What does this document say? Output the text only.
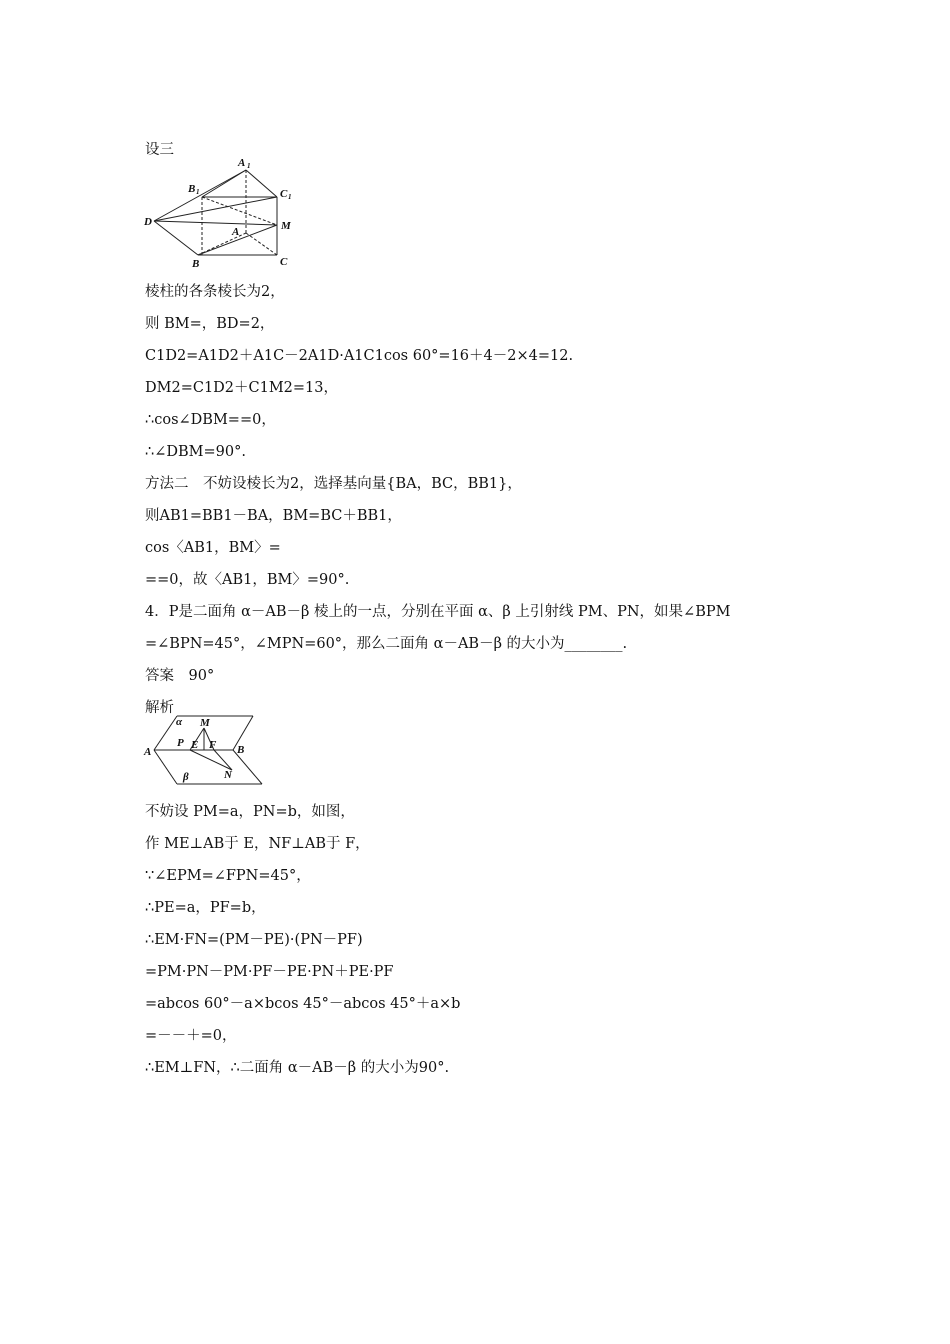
设三
棱柱的各条棱长为2，
则 BM=，BD=2，
C1D2=A1D2＋A1C－2A1D·A1C1cos 60°=16＋4－2×4=12.
DM2=C1D2＋C1M2=13，
∴cos∠DBM==0，
∴∠DBM=90°.
方法二　不妨设棱长为2，选择基向量{BA，BC，BB1}，
则AB1=BB1－BA，BM=BC＋BB1，
cos〈AB1，BM〉=
==0，故〈AB1，BM〉=90°.
4．P是二面角 α－AB－β 棱上的一点，分别在平面 α、β 上引射线 PM、PN，如果∠BPM
=∠BPN=45°，∠MPN=60°，那么二面角 α－AB－β 的大小为________.
答案　90°
解析
不妨设 PM=a，PN=b，如图，
作 ME⊥AB于 E，NF⊥AB于 F，
∵∠EPM=∠FPN=45°，
∴PE=a，PF=b，
∴EM·FN=(PM－PE)·(PN－PF)
=PM·PN－PM·PF－PE·PN＋PE·PF
=abcos 60°－a×bcos 45°－abcos 45°＋a×b
=－－＋=0，
∴EM⊥FN，∴二面角 α－AB－β 的大小为90°.
A 1
B 1	C 1
D	M
A
B	C
α M
A
P E F B
β	N
